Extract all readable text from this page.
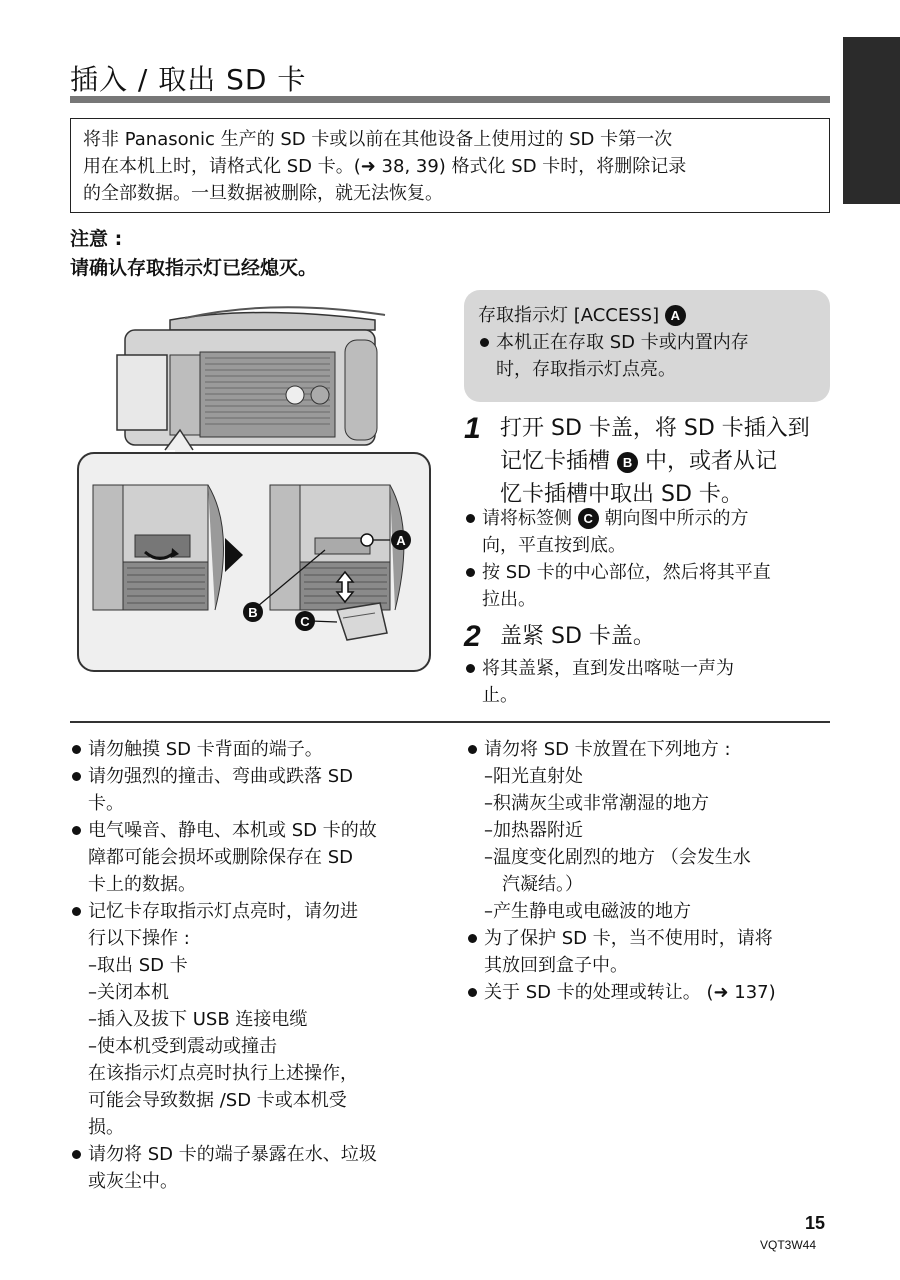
插入 / 取出 SD 卡

将非 Panasonic 生产的 SD 卡或以前在其他设备上使用过的 SD 卡第一次

用在本机上时，请格式化 SD 卡。(➜ 38, 39) 格式化 SD 卡时，将删除记录

的全部数据。一旦数据被删除，就无法恢复。

注意 :
请确认存取指示灯已经熄灭。
A
B
C
存取指示灯 [ACCESS] A
本机正在存取 SD 卡或内置内存
时，存取指示灯点亮。
1 打开 SD 卡盖，将 SD 卡插入到
记忆卡插槽 B 中，或者从记
忆卡插槽中取出 SD 卡。
请将标签侧 C 朝向图中所示的方
向，平直按到底。
按 SD 卡的中心部位，然后将其平直
拉出。
2 盖紧 SD 卡盖。
将其盖紧，直到发出喀哒一声为
止。
请勿触摸 SD 卡背面的端子。
请勿强烈的撞击、弯曲或跌落 SD
卡。
电气噪音、静电、本机或 SD 卡的故
障都可能会损坏或删除保存在 SD
卡上的数据。
记忆卡存取指示灯点亮时，请勿进
行以下操作 :
–取出 SD 卡
–关闭本机
–插入及拔下 USB 连接电缆
–使本机受到震动或撞击
在该指示灯点亮时执行上述操作，
可能会导致数据 /SD 卡或本机受
损。
请勿将 SD 卡的端子暴露在水、垃圾
或灰尘中。
请勿将 SD 卡放置在下列地方 :
–阳光直射处
–积满灰尘或非常潮湿的地方
–加热器附近
–温度变化剧烈的地方 （会发生水
汽凝结。）
–产生静电或电磁波的地方
为了保护 SD 卡，当不使用时，请将
其放回到盒子中。
关于 SD 卡的处理或转让。 (➜ 137)
15
VQT3W44
